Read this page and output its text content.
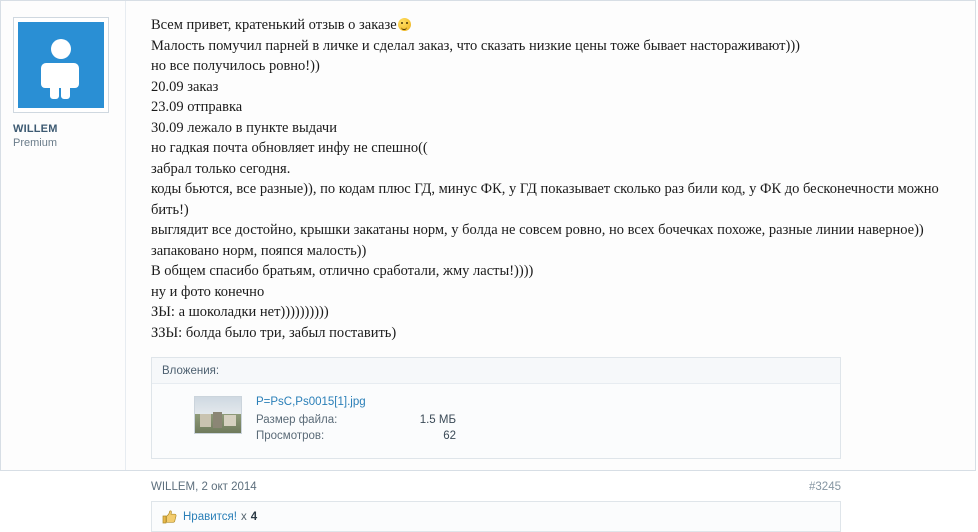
WILLEM
Premium

Всем привет, кратенький отзыв о заказе

Малость помучил парней в личке и сделал заказ, что сказать низкие цены тоже бывает настораживают)))

но все получилось ровно!))

20.09 заказ

23.09 отправка

30.09 лежало в пункте выдачи

но гадкая почта обновляет инфу не спешно((

забрал только сегодня.

коды бьются, все разные)), по кодам плюс ГД, минус ФК, у ГД показывает сколько раз били код, у ФК до бесконечности можно бить!)

выглядит все достойно, крышки закатаны норм, у болда не совсем ровно, но всех бочечках похоже, разные линии наверное))

запаковано норм, пояпся малость))

В общем спасибо братьям, отлично сработали, жму ласты!))))

ну и фото конечно

ЗЫ: а шоколадки нет))))))))))

ЗЗЫ: болда было три, забыл поставить)

Вложения:
P=PsC,Ps0015[1].jpg
Размер файла:	1.5 МБ
Просмотров:	62
WILLEM, 2 окт 2014	#3245
Нравится! x 4
